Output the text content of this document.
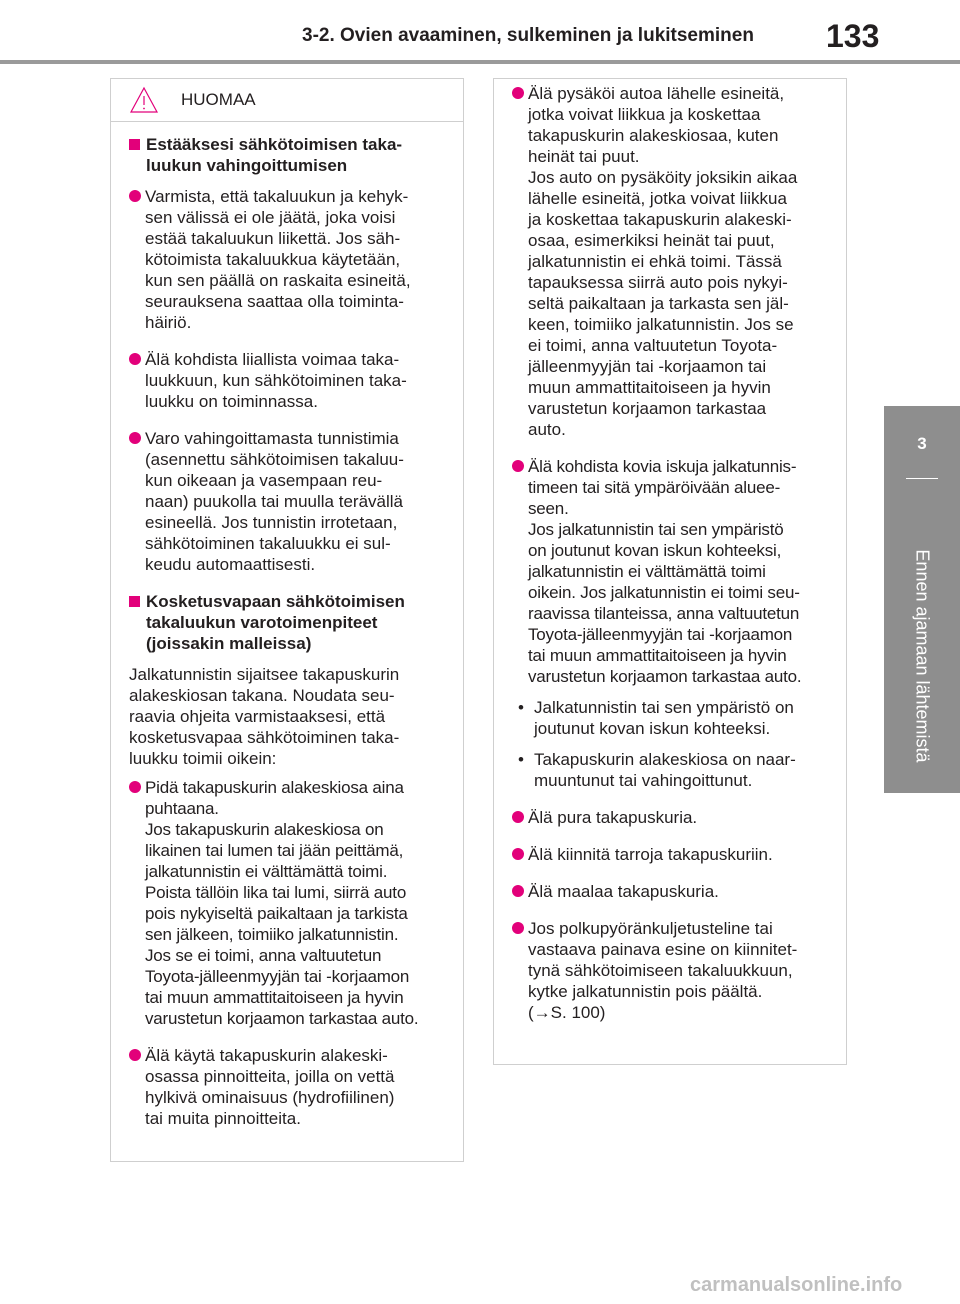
3-2. Ovien avaaminen, sulkeminen ja lukitseminen 133
3
Ennen ajamaan lähtemistä
HUOMAA
Estääksesi sähkötoimisen taka-
luukun vahingoittumisen
Varmista, että takaluukun ja kehyk-
sen välissä ei ole jäätä, joka voisi
estää takaluukun liikettä. Jos säh-
kötoimista takaluukkua käytetään,
kun sen päällä on raskaita esineitä,
seurauksena saattaa olla toiminta-
häiriö.
Älä kohdista liiallista voimaa taka-
luukkuun, kun sähkötoiminen taka-
luukku on toiminnassa.
Varo vahingoittamasta tunnistimia
(asennettu sähkötoimisen takaluu-
kun oikeaan ja vasempaan reu-
naan) puukolla tai muulla terävällä
esineellä. Jos tunnistin irrotetaan,
sähkötoiminen takaluukku ei sul-
keudu automaattisesti.
Kosketusvapaan sähkötoimisen
takaluukun varotoimenpiteet
(joissakin malleissa)
Jalkatunnistin sijaitsee takapuskurin
alakeskiosan takana. Noudata seu-
raavia ohjeita varmistaaksesi, että
kosketusvapaa sähkötoiminen taka-
luukku toimii oikein:
Pidä takapuskurin alakeskiosa aina
puhtaana.
Jos takapuskurin alakeskiosa on
likainen tai lumen tai jään peittämä,
jalkatunnistin ei välttämättä toimi.
Poista tällöin lika tai lumi, siirrä auto
pois nykyiseltä paikaltaan ja tarkista
sen jälkeen, toimiiko jalkatunnistin.
Jos se ei toimi, anna valtuutetun
Toyota-jälleenmyyjän tai -korjaamon
tai muun ammattitaitoiseen ja hyvin
varustetun korjaamon tarkastaa auto.
Älä käytä takapuskurin alakeski-
osassa pinnoitteita, joilla on vettä
hylkivä ominaisuus (hydrofiilinen)
tai muita pinnoitteita.
Älä pysäköi autoa lähelle esineitä,
jotka voivat liikkua ja koskettaa
takapuskurin alakeskiosaa, kuten
heinät tai puut.
Jos auto on pysäköity joksikin aikaa
lähelle esineitä, jotka voivat liikkua
ja koskettaa takapuskurin alakeski-
osaa, esimerkiksi heinät tai puut,
jalkatunnistin ei ehkä toimi. Tässä
tapauksessa siirrä auto pois nykyi-
seltä paikaltaan ja tarkasta sen jäl-
keen, toimiiko jalkatunnistin. Jos se
ei toimi, anna valtuutetun Toyota-
jälleenmyyjän tai -korjaamon tai
muun ammattitaitoiseen ja hyvin
varustetun korjaamon tarkastaa
auto.
Älä kohdista kovia iskuja jalkatunnis-
timeen tai sitä ympäröivään aluee-
seen.
Jos jalkatunnistin tai sen ympäristö
on joutunut kovan iskun kohteeksi,
jalkatunnistin ei välttämättä toimi
oikein. Jos jalkatunnistin ei toimi seu-
raavissa tilanteissa, anna valtuutetun
Toyota-jälleenmyyjän tai -korjaamon
tai muun ammattitaitoiseen ja hyvin
varustetun korjaamon tarkastaa auto.
• Jalkatunnistin tai sen ympäristö on
joutunut kovan iskun kohteeksi.
• Takapuskurin alakeskiosa on naar-
muuntunut tai vahingoittunut.
Älä pura takapuskuria.
Älä kiinnitä tarroja takapuskuriin.
Älä maalaa takapuskuria.
Jos polkupyöränkuljetusteline tai
vastaava painava esine on kiinnitet-
tynä sähkötoimiseen takaluukkuun,
kytke jalkatunnistin pois päältä.
(→S. 100)
carmanualsonline.info
